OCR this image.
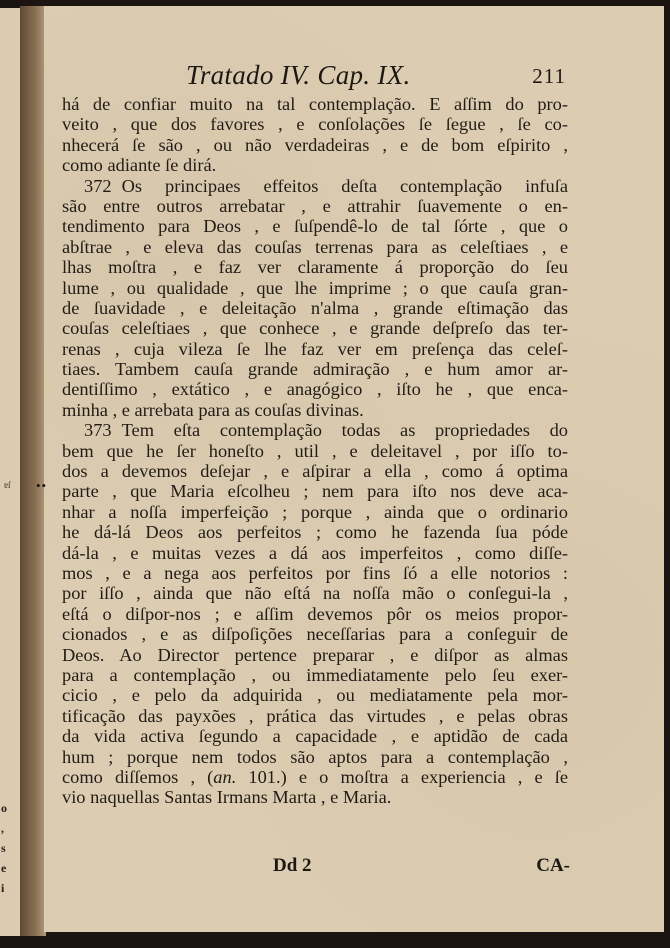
o
,
s
e
i
ɐſ ••
Tratado IV. Cap. IX.	211
há de confiar muito na tal contemplação. E aſſim do pro-
veito , que dos favores , e conſolações ſe ſegue , ſe co-
nhecerá ſe são , ou não verdadeiras , e de bom eſpirito ,
como adiante ſe dirá.
372 Os principaes effeitos deſta contemplação infuſa
são entre outros arrebatar , e attrahir ſuavemente o en-
tendimento para Deos , e ſuſpendê-lo de tal ſórte , que o
abſtrae , e eleva das couſas terrenas para as celeſtiaes , e
lhas moſtra , e faz ver claramente á proporção do ſeu
lume , ou qualidade , que lhe imprime ; o que cauſa gran-
de ſuavidade , e deleitação n'alma , grande eſtimação das
couſas celeſtiaes , que conhece , e grande deſpreſo das ter-
renas , cuja vileza ſe lhe faz ver em preſença das celeſ-
tiaes. Tambem cauſa grande admiração , e hum amor ar-
dentiſſimo , extático , e anagógico , iſto he , que enca-
minha , e arrebata para as couſas divinas.
373 Tem eſta contemplação todas as propriedades do
bem que he ſer honeſto , util , e deleitavel , por iſſo to-
dos a devemos deſejar , e aſpirar a ella , como á optima
parte , que Maria eſcolheu ; nem para iſto nos deve aca-
nhar a noſſa imperfeição ; porque , ainda que o ordinario
he dá-lá Deos aos perfeitos ; como he fazenda ſua póde
dá-la , e muitas vezes a dá aos imperfeitos , como diſſe-
mos , e a nega aos perfeitos por fins ſó a elle notorios :
por iſſo , ainda que não eſtá na noſſa mão o conſegui-la ,
eſtá o diſpor-nos ; e aſſim devemos pôr os meios propor-
cionados , e as diſpoſições neceſſarias para a conſeguir de
Deos. Ao Director pertence preparar , e diſpor as almas
para a contemplação , ou immediatamente pelo ſeu exer-
cicio , e pelo da adquirida , ou mediatamente pela mor-
tificação das payxões , prática das virtudes , e pelas obras
da vida activa ſegundo a capacidade , e aptidão de cada
hum ; porque nem todos são aptos para a contemplação ,
como diſſemos , (an. 101.) e o moſtra a experiencia , e ſe
vio naquellas Santas Irmans Marta , e Maria.
Dd 2	CA-
